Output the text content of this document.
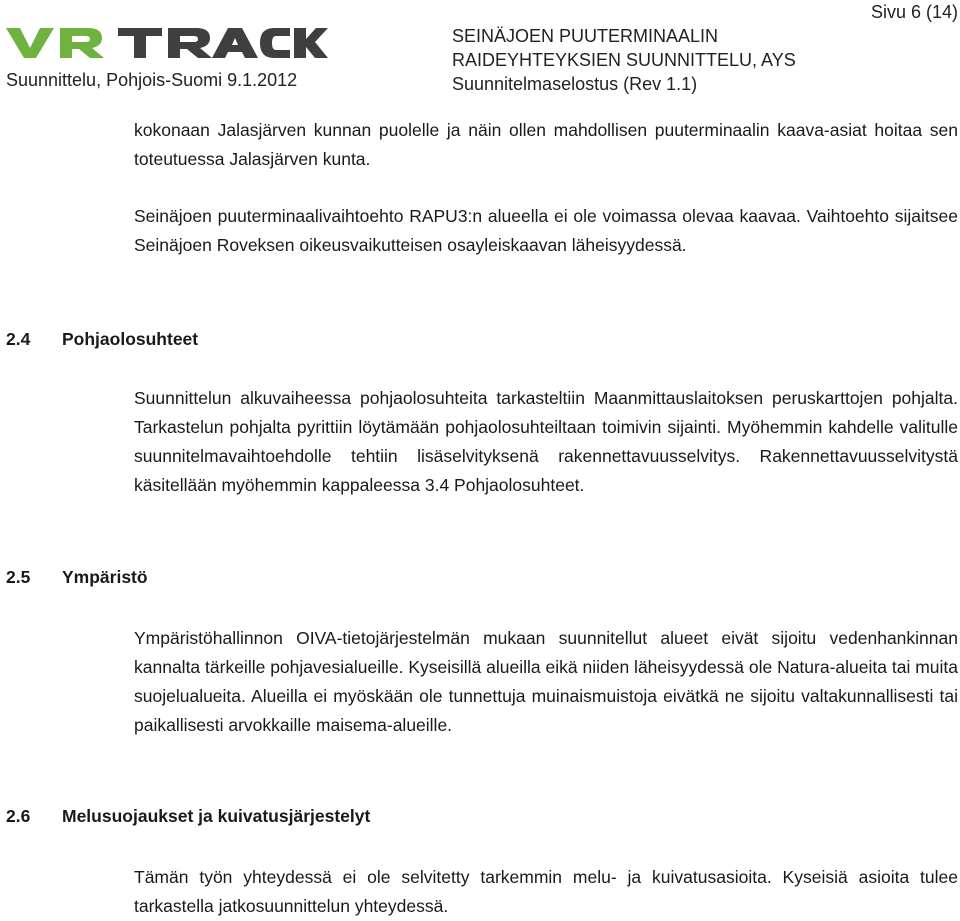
Suunnittelu, Pohjois-Suomi 9.1.2012
SEINÄJOEN PUUTERMINAALIN
RAIDEYHTEYKSIEN SUUNNITTELU, AYS
Suunnitelmaselostus (Rev 1.1)
Sivu 6 (14)
kokonaan Jalasjärven kunnan puolelle ja näin ollen mahdollisen puuterminaalin kaava-asiat hoitaa sen toteutuessa Jalasjärven kunta.
Seinäjoen puuterminaalivaihtoehto RAPU3:n alueella ei ole voimassa olevaa kaavaa. Vaihtoehto sijaitsee Seinäjoen Roveksen oikeusvaikutteisen osayleiskaavan läheisyydessä.
2.4 Pohjaolosuhteet
Suunnittelun alkuvaiheessa pohjaolosuhteita tarkasteltiin Maanmittauslaitoksen peruskarttojen pohjalta. Tarkastelun pohjalta pyrittiin löytämään pohjaolosuhteiltaan toimivin sijainti. Myöhemmin kahdelle valitulle suunnitelmavaihtoehdolle tehtiin lisäselvityksenä rakennettavuusselvitys. Rakennettavuusselvitystä käsitellään myöhemmin kappaleessa 3.4 Pohjaolosuhteet.
2.5 Ympäristö
Ympäristöhallinnon OIVA-tietojärjestelmän mukaan suunnitellut alueet eivät sijoitu vedenhankinnan kannalta tärkeille pohjavesialueille. Kyseisillä alueilla eikä niiden läheisyydessä ole Natura-alueita tai muita suojelualueita. Alueilla ei myöskään ole tunnettuja muinaismuistoja eivätkä ne sijoitu valtakunnallisesti tai paikallisesti arvokkaille maisema-alueille.
2.6 Melusuojaukset ja kuivatusjärjestelyt
Tämän työn yhteydessä ei ole selvitetty tarkemmin melu- ja kuivatusasioita. Kyseisiä asioita tulee tarkastella jatkosuunnittelun yhteydessä.
